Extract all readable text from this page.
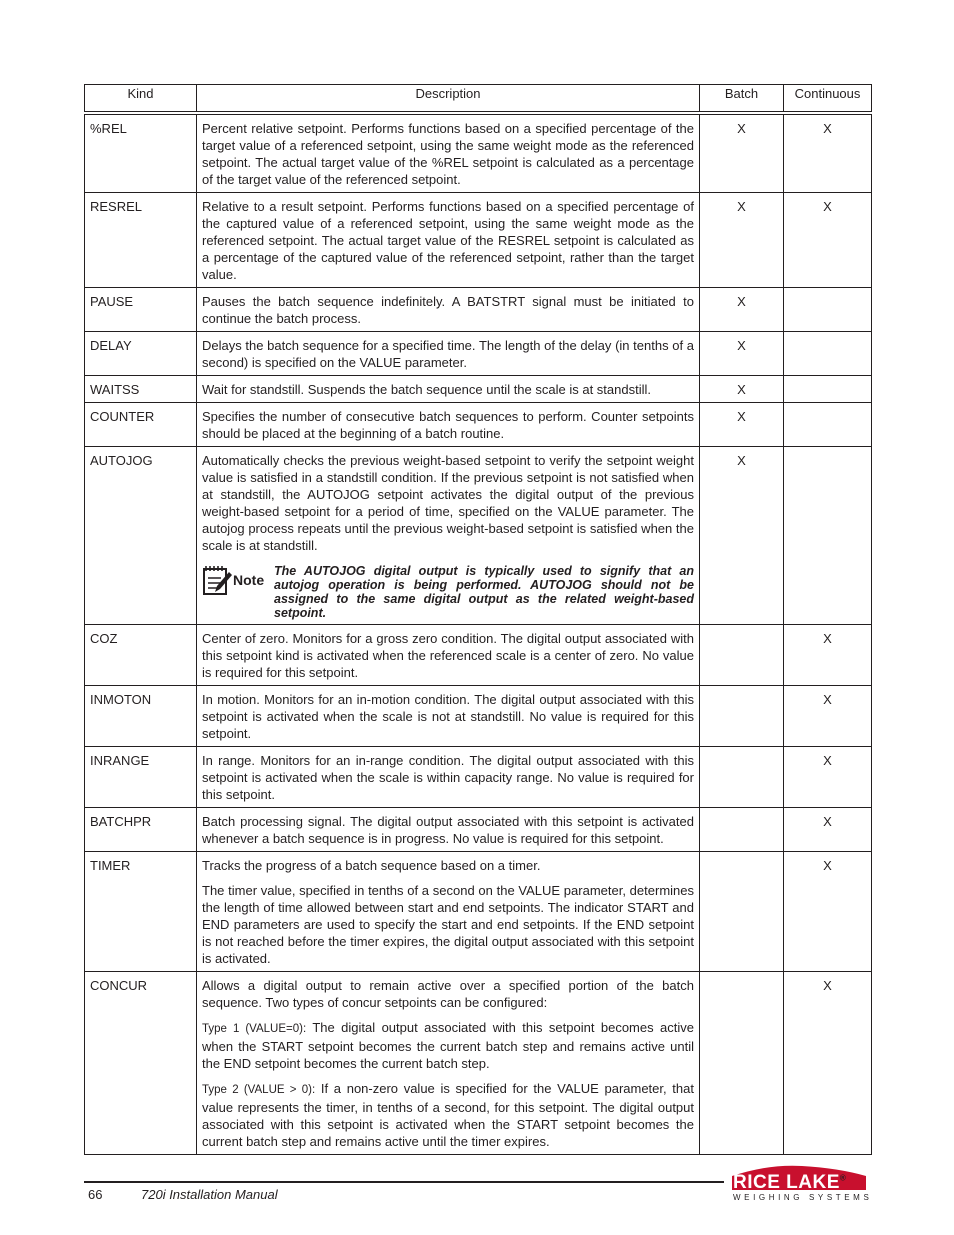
Kind	Description	Batch	Continuous
%REL	Percent relative setpoint. Performs functions based on a specified percentage of the target value of a referenced setpoint, using the same weight mode as the referenced setpoint. The actual target value of the %REL setpoint is calculated as a percentage of the target value of the referenced setpoint.	X	X
RESREL	Relative to a result setpoint. Performs functions based on a specified percentage of the captured value of a referenced setpoint, using the same weight mode as the referenced setpoint. The actual target value of the RESREL setpoint is calculated as a percentage of the captured value of the referenced setpoint, rather than the target value.	X	X
PAUSE	Pauses the batch sequence indefinitely. A BATSTRT signal must be initiated to continue the batch process.	X	
DELAY	Delays the batch sequence for a specified time. The length of the delay (in tenths of a second) is specified on the VALUE parameter.	X	
WAITSS	Wait for standstill. Suspends the batch sequence until the scale is at standstill.	X	
COUNTER	Specifies the number of consecutive batch sequences to perform. Counter setpoints should be placed at the beginning of a batch routine.	X	
AUTOJOG	Automatically checks the previous weight-based setpoint to verify the setpoint weight value is satisfied in a standstill condition. If the previous setpoint is not satisfied when at standstill, the AUTOJOG setpoint activates the digital output of the previous weight-based setpoint for a period of time, specified on the VALUE parameter. The autojog process repeats until the previous weight-based setpoint is satisfied when the scale is at standstill.

Note

The AUTOJOG digital output is typically used to signify that an autojog operation is being performed. AUTOJOG should not be assigned to the same digital output as the related weight-based setpoint.	X	
COZ	Center of zero. Monitors for a gross zero condition. The digital output associated with this setpoint kind is activated when the referenced scale is a center of zero. No value is required for this setpoint.		X
INMOTON	In motion. Monitors for an in-motion condition. The digital output associated with this setpoint is activated when the scale is not at standstill. No value is required for this setpoint.		X
INRANGE	In range. Monitors for an in-range condition. The digital output associated with this setpoint is activated when the scale is within capacity range. No value is required for this setpoint.		X
BATCHPR	Batch processing signal. The digital output associated with this setpoint is activated whenever a batch sequence is in progress. No value is required for this setpoint.		X
TIMER	Tracks the progress of a batch sequence based on a timer.

The timer value, specified in tenths of a second on the VALUE parameter, determines the length of time allowed between start and end setpoints. The indicator START and END parameters are used to specify the start and end setpoints. If the END setpoint is not reached before the timer expires, the digital output associated with this setpoint is activated.		X
CONCUR	Allows a digital output to remain active over a specified portion of the batch sequence. Two types of concur setpoints can be configured:

Type 1 (VALUE=0): The digital output associated with this setpoint becomes active when the START setpoint becomes the current batch step and remains active until the END setpoint becomes the current batch step.

Type 2 (VALUE > 0): If a non-zero value is specified for the VALUE parameter, that value represents the timer, in tenths of a second, for this setpoint. The digital output associated with this setpoint is activated when the START setpoint becomes the current batch step and remains active until the timer expires.		X
66	720i Installation Manual
RICE LAKE®
WEIGHING SYSTEMS
